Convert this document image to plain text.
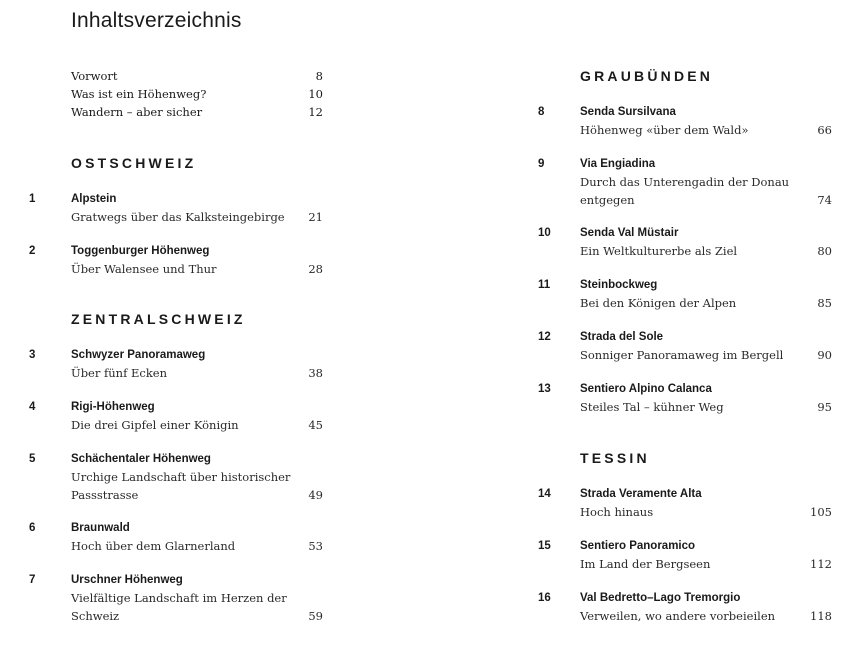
Inhaltsverzeichnis
Vorwort	8
Was ist ein Höhenweg?	10
Wandern – aber sicher	12
OSTSCHWEIZ
ZENTRALSCHWEIZ
GRAUBÜNDEN
TESSIN
1	Alpstein
Gratwegs über das Kalksteingebirge	21
2	Toggenburger Höhenweg
Über Walensee und Thur	28
3	Schwyzer Panoramaweg
Über fünf Ecken	38
4	Rigi-Höhenweg
Die drei Gipfel einer Königin	45
5	Schächentaler Höhenweg
Urchige Landschaft über historischer
Passstrasse	49
6	Braunwald
Hoch über dem Glarnerland	53
7	Urschner Höhenweg
Vielfältige Landschaft im Herzen der
Schweiz	59
8	Senda Sursilvana
Höhenweg «über dem Wald»	66
9	Via Engiadina
Durch das Unterengadin der Donau
entgegen	74
10	Senda Val Müstair
Ein Weltkulturerbe als Ziel	80
11	Steinbockweg
Bei den Königen der Alpen	85
12	Strada del Sole
Sonniger Panoramaweg im Bergell	90
13	Sentiero Alpino Calanca
Steiles Tal – kühner Weg	95
14	Strada Veramente Alta
Hoch hinaus	105
15	Sentiero Panoramico
Im Land der Bergseen	112
16	Val Bedretto–Lago Tremorgio
Verweilen, wo andere vorbeieilen	118
